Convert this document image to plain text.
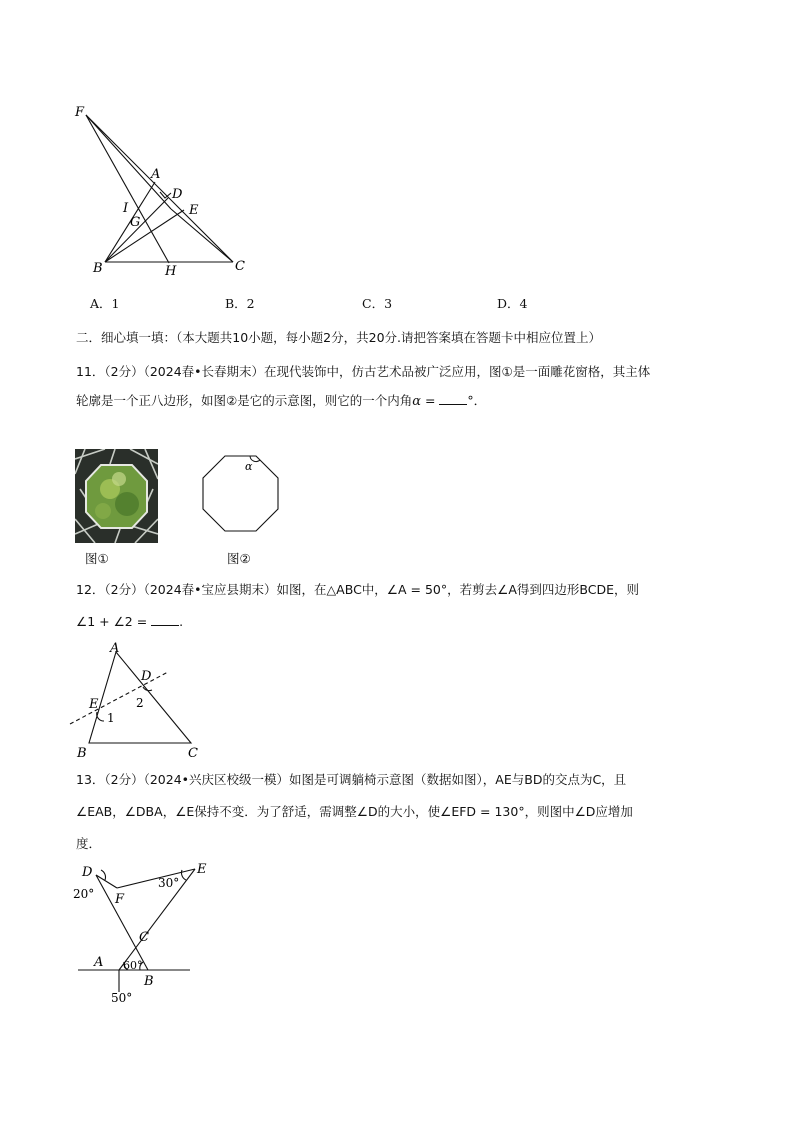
F
A
D
I
G
E
B	H	C
A．1	B．2	C．3	D．4
二．细心填一填：（本大题共10小题，每小题2分，共20分.请把答案填在答题卡中相应位置上）
11．（2分）（2024春•长春期末）在现代装饰中，仿古艺术品被广泛应用，图①是一面雕花窗格，其主体
轮廓是一个正八边形，如图②是它的示意图，则它的一个内角α = °．
图①
α
图②
12．（2分）（2024春•宝应县期末）如图，在△ABC中，∠A = 50°，若剪去∠A得到四边形BCDE，则
∠1 + ∠2 = .
A
D
E
B	C
1
2
13．（2分）（2024•兴庆区校级一模）如图是可调躺椅示意图（数据如图），AE与BD的交点为C，且
∠EAB，∠DBA，∠E保持不变．为了舒适，需调整∠D的大小，使∠EFD = 130°，则图中∠D应增加
度．
D	E
F
C
A
B
20°
30°
60°
50°
